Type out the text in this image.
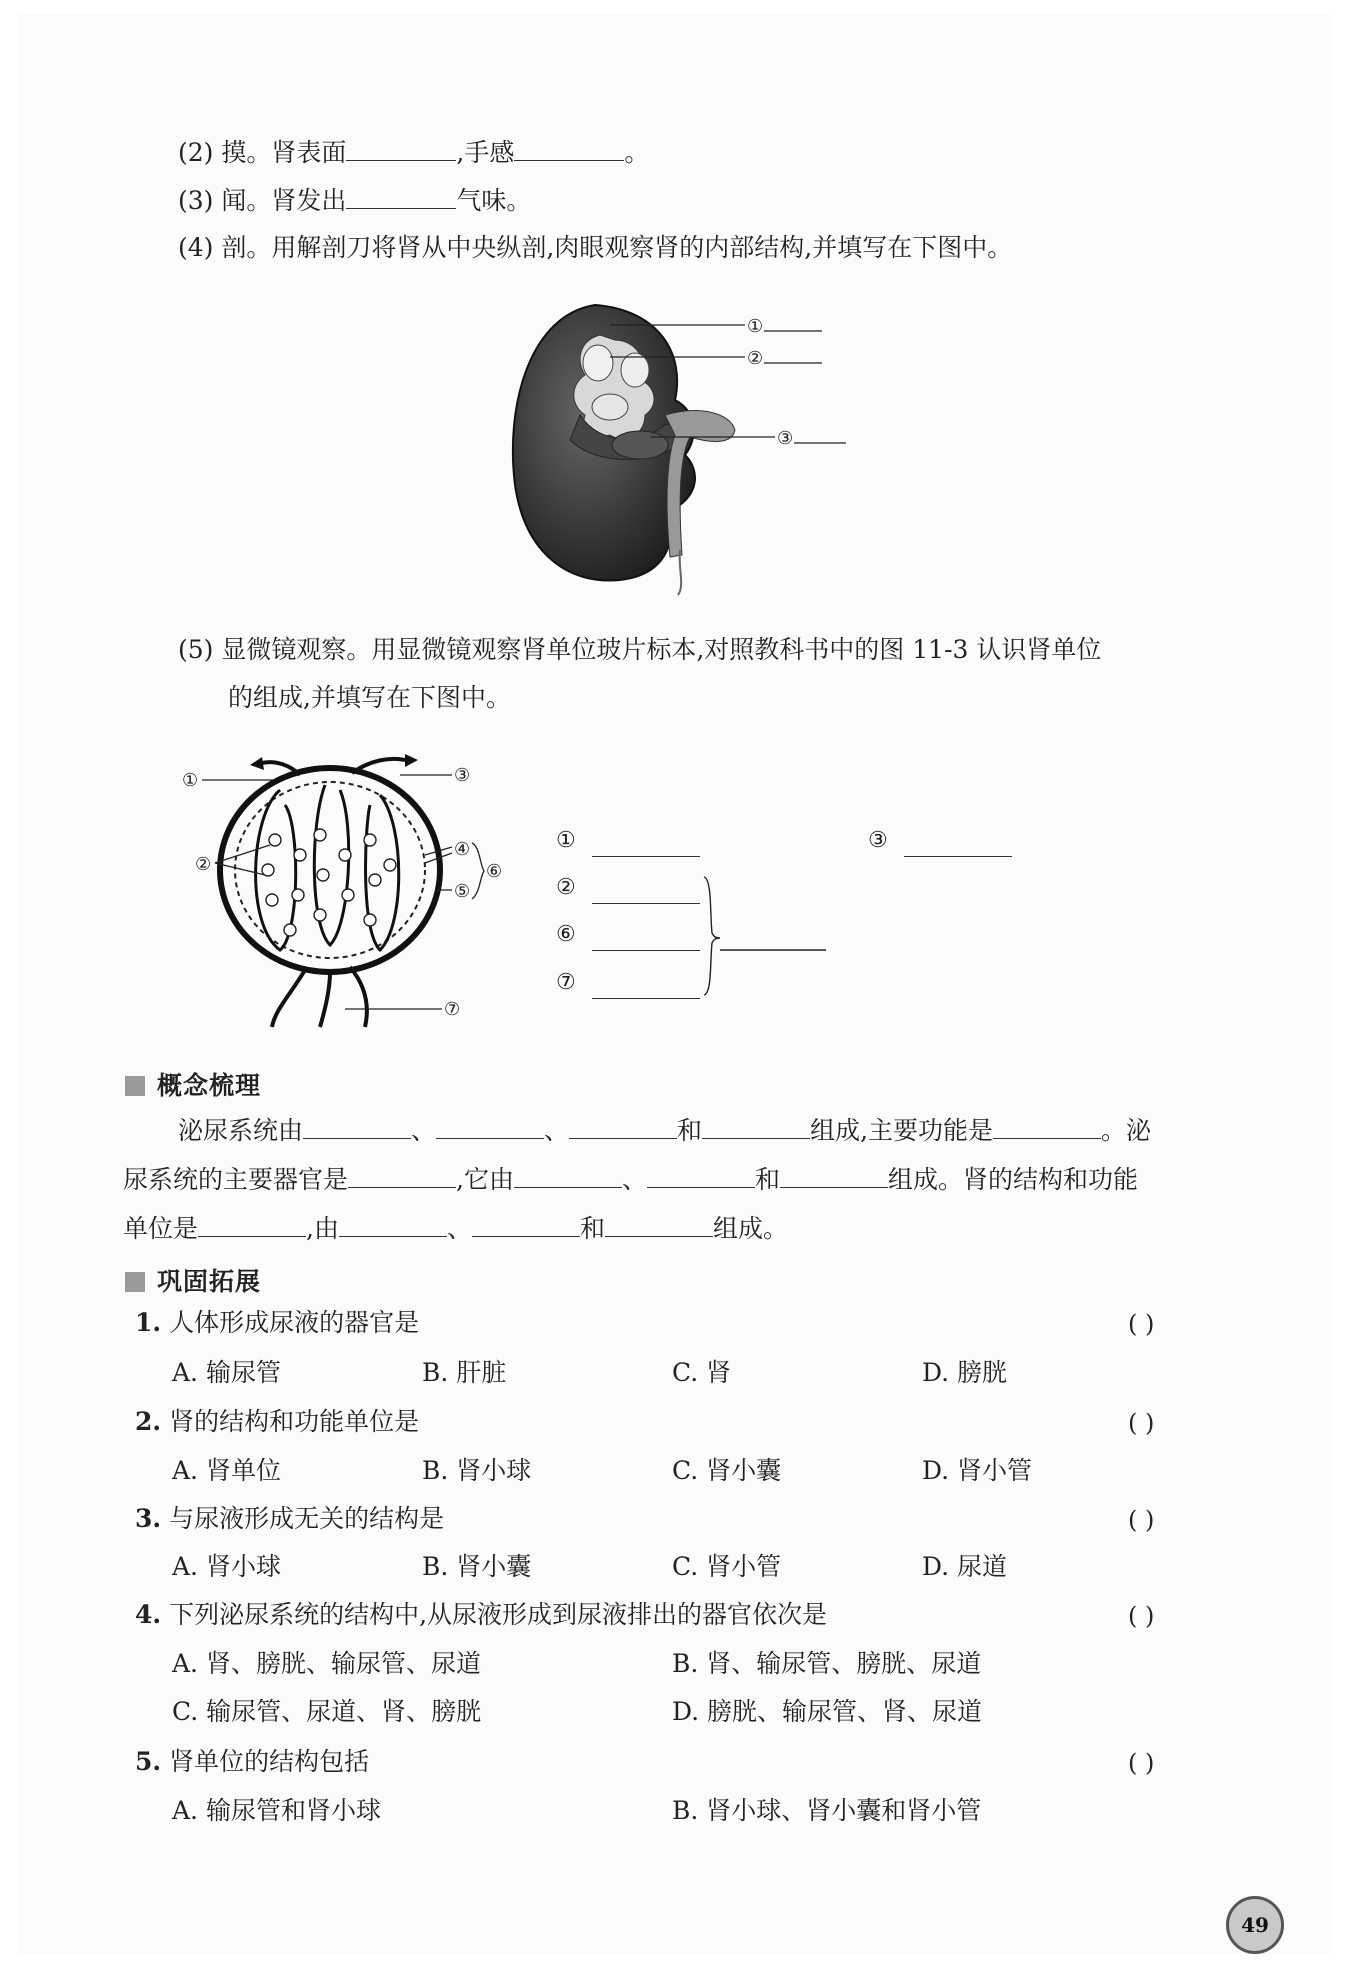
(2) 摸。肾表面	,手感	。
(3) 闻。肾发出	气味。
(4) 剖。用解剖刀将肾从中央纵剖,肉眼观察肾的内部结构,并填写在下图中。
①
②
③
(5) 显微镜观察。用显微镜观察肾单位玻片标本,对照教科书中的图 11-3 认识肾单位
的组成,并填写在下图中。
①
②
③
④
⑤
⑥
⑦
①
②
⑥
⑦
③
概念梳理
泌尿系统由	、	、	和	组成,主要功能是	。泌
尿系统的主要器官是	,它由	、	和	组成。肾的结构和功能
单位是	,由	、	和	组成。
巩固拓展
1. 人体形成尿液的器官是	( )
A. 输尿管	B. 肝脏	C. 肾	D. 膀胱
2. 肾的结构和功能单位是	( )
A. 肾单位	B. 肾小球	C. 肾小囊	D. 肾小管
3. 与尿液形成无关的结构是	( )
A. 肾小球	B. 肾小囊	C. 肾小管	D. 尿道
4. 下列泌尿系统的结构中,从尿液形成到尿液排出的器官依次是	( )
A. 肾、膀胱、输尿管、尿道	B. 肾、输尿管、膀胱、尿道
C. 输尿管、尿道、肾、膀胱	D. 膀胱、输尿管、肾、尿道
5. 肾单位的结构包括	( )
A. 输尿管和肾小球	B. 肾小球、肾小囊和肾小管
49
